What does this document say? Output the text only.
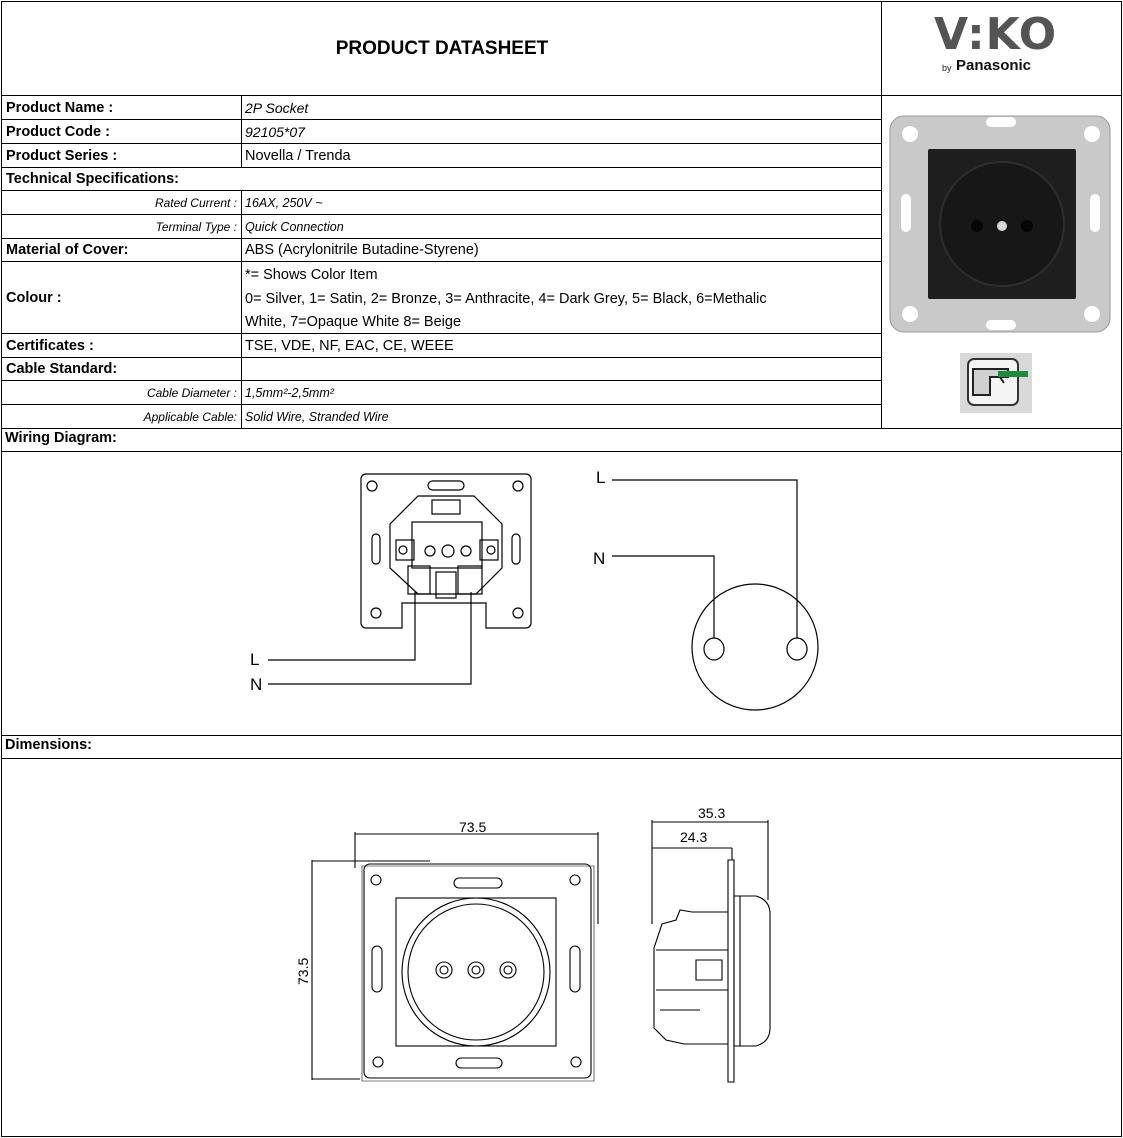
PRODUCT DATASHEET	V:KO
by Panasonic
Product Name :	2P Socket
Product Code :	92105*07
Product Series :	Novella / Trenda
Technical Specifications:
Rated Current : 16AX, 250V ~
Terminal Type : Quick Connection
Material of Cover:	ABS (Acrylonitrile Butadine-Styrene)
Colour :
*= Shows Color Item
0= Silver, 1= Satin, 2= Bronze, 3= Anthracite, 4= Dark Grey, 5= Black, 6=Methalic
White, 7=Opaque White 8= Beige
Certificates :	TSE, VDE, NF, EAC, CE, WEEE
Cable Standard:
Cable Diameter : 1,5mm²-2,5mm²
Applicable Cable: Solid Wire, Stranded Wire
Wiring Diagram:
Dimensions:
L
N
L
N
73.5
73.5
35.3
24.3
